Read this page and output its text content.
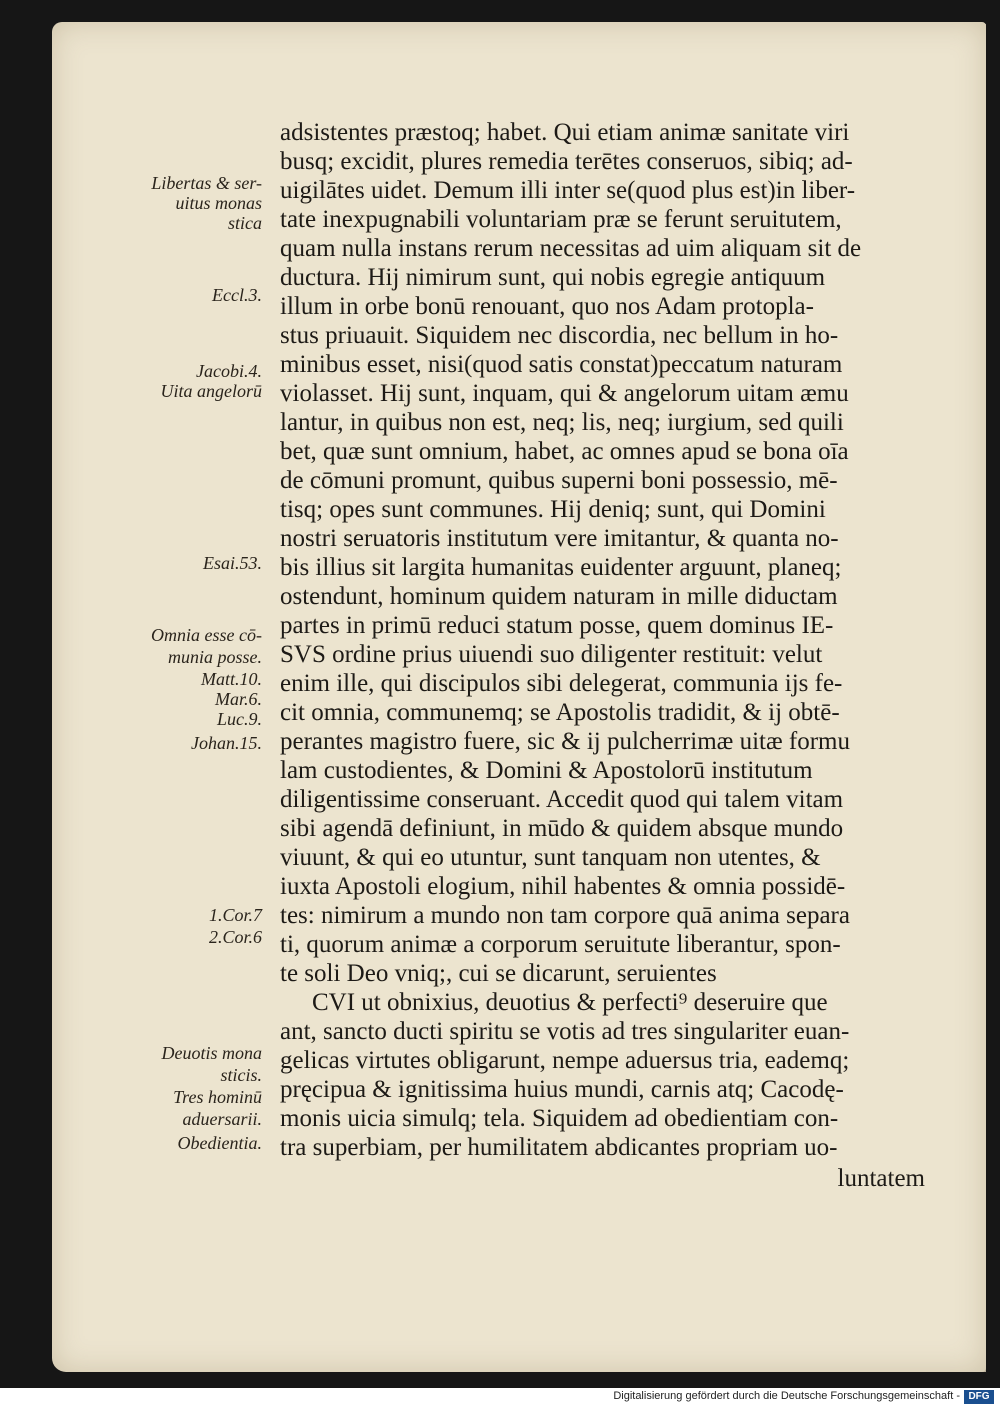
adsistentes præstoq; habet. Qui etiam animæ sanitate viri
busq; excidit, plures remedia terētes conseruos, sibiq; ad-
uigilātes uidet. Demum illi inter se(quod plus est)in liber-
tate inexpugnabili voluntariam præ se ferunt seruitutem,
quam nulla instans rerum necessitas ad uim aliquam sit de
ductura. Hij nimirum sunt, qui nobis egregie antiquum
illum in orbe bonū renouant, quo nos Adam protopla-
stus priuauit. Siquidem nec discordia, nec bellum in ho-
minibus esset, nisi(quod satis constat)peccatum naturam
violasset. Hij sunt, inquam, qui & angelorum uitam æmu
lantur, in quibus non est, neq; lis, neq; iurgium, sed quili
bet, quæ sunt omnium, habet, ac omnes apud se bona oīa
de cōmuni promunt, quibus superni boni possessio, mē-
tisq; opes sunt communes. Hij deniq; sunt, qui Domini
nostri seruatoris institutum vere imitantur, & quanta no-
bis illius sit largita humanitas euidenter arguunt, planeq;
ostendunt, hominum quidem naturam in mille diductam
partes in primū reduci statum posse, quem dominus IE-
SVS ordine prius uiuendi suo diligenter restituit: velut
enim ille, qui discipulos sibi delegerat, communia ijs fe-
cit omnia, communemq; se Apostolis tradidit, & ij obtē-
perantes magistro fuere, sic & ij pulcherrimæ uitæ formu
lam custodientes, & Domini & Apostolorū institutum
diligentissime conseruant. Accedit quod qui talem vitam
sibi agendā definiunt, in mūdo & quidem absque mundo
viuunt, & qui eo utuntur, sunt tanquam non utentes, &
iuxta Apostoli elogium, nihil habentes & omnia possidē-
tes: nimirum a mundo non tam corpore quā anima separa
ti, quorum animæ a corporum seruitute liberantur, spon-
te soli Deo vniq;, cui se dicarunt, seruientes
CVI ut obnixius, deuotius & perfecti⁹ deseruire que
ant, sancto ducti spiritu se votis ad tres singulariter euan-
gelicas virtutes obligarunt, nempe aduersus tria, eademq;
pręcipua & ignitissima huius mundi, carnis atq; Cacodę-
monis uicia simulq; tela. Siquidem ad obedientiam con-
tra superbiam, per humilitatem abdicantes propriam uo-
luntatem
Libertas & ser-
uitus monas
stica
Eccl.3.
Jacobi.4.
Uita angelorū
Esai.53.
Omnia esse cō-
munia posse.
Matt.10.
Mar.6.
Luc.9.
Johan.15.
1.Cor.7
2.Cor.6
Deuotis mona
sticis.
Tres hominū
aduersarii.
Obedientia.
Digitalisierung gefördert durch die Deutsche Forschungsgemeinschaft - DFG
